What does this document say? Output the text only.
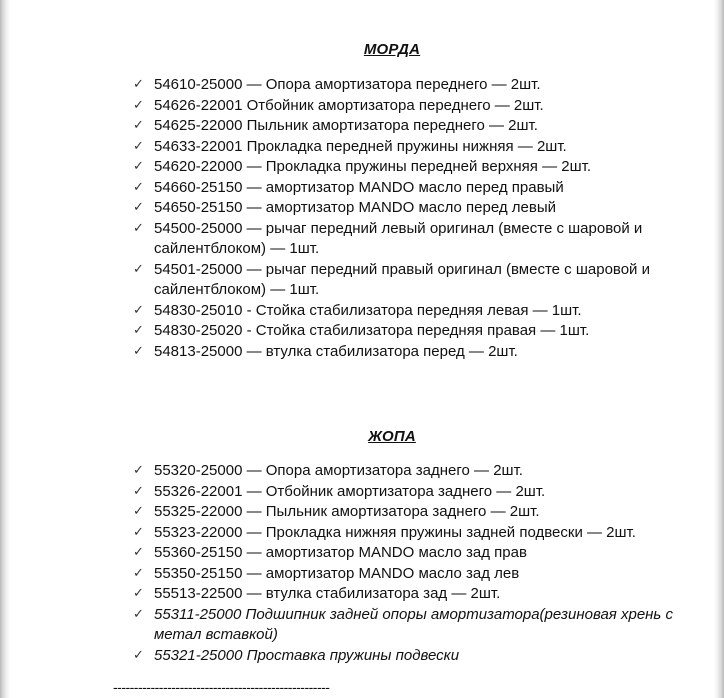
МОРДА
✓ 54610-25000 — Опора амортизатора переднего — 2шт.
✓ 54626-22001 Отбойник амортизатора переднего — 2шт.
✓ 54625-22000 Пыльник амортизатора переднего — 2шт.
✓ 54633-22001 Прокладка передней пружины нижняя — 2шт.
✓ 54620-22000 — Прокладка пружины передней верхняя — 2шт.
✓ 54660-25150 — амортизатор MANDO масло перед правый
✓ 54650-25150 — амортизатор MANDO масло перед левый
✓ 54500-25000 — рычаг передний левый оригинал (вместе с шаровой и сайлентблоком) — 1шт.
✓ 54501-25000 — рычаг передний правый оригинал (вместе с шаровой и сайлентблоком) — 1шт.
✓ 54830-25010 - Стойка стабилизатора передняя левая — 1шт.
✓ 54830-25020 - Стойка стабилизатора передняя правая — 1шт.
✓ 54813-25000 — втулка стабилизатора перед — 2шт.
ЖОПА
✓ 55320-25000 — Опора амортизатора заднего — 2шт.
✓ 55326-22001 — Отбойник амортизатора заднего — 2шт.
✓ 55325-22000 — Пыльник амортизатора заднего — 2шт.
✓ 55323-22000 — Прокладка нижняя пружины задней подвески — 2шт.
✓ 55360-25150 — амортизатор MANDO масло зад прав
✓ 55350-25150 — амортизатор MANDO масло зад лев
✓ 55513-22500 — втулка стабилизатора зад — 2шт.
✓ 55311-25000 Подшипник задней опоры амортизатора(резиновая хрень с метал вставкой)
✓ 55321-25000 Проставка пружины подвески
----------------------------------------------------
